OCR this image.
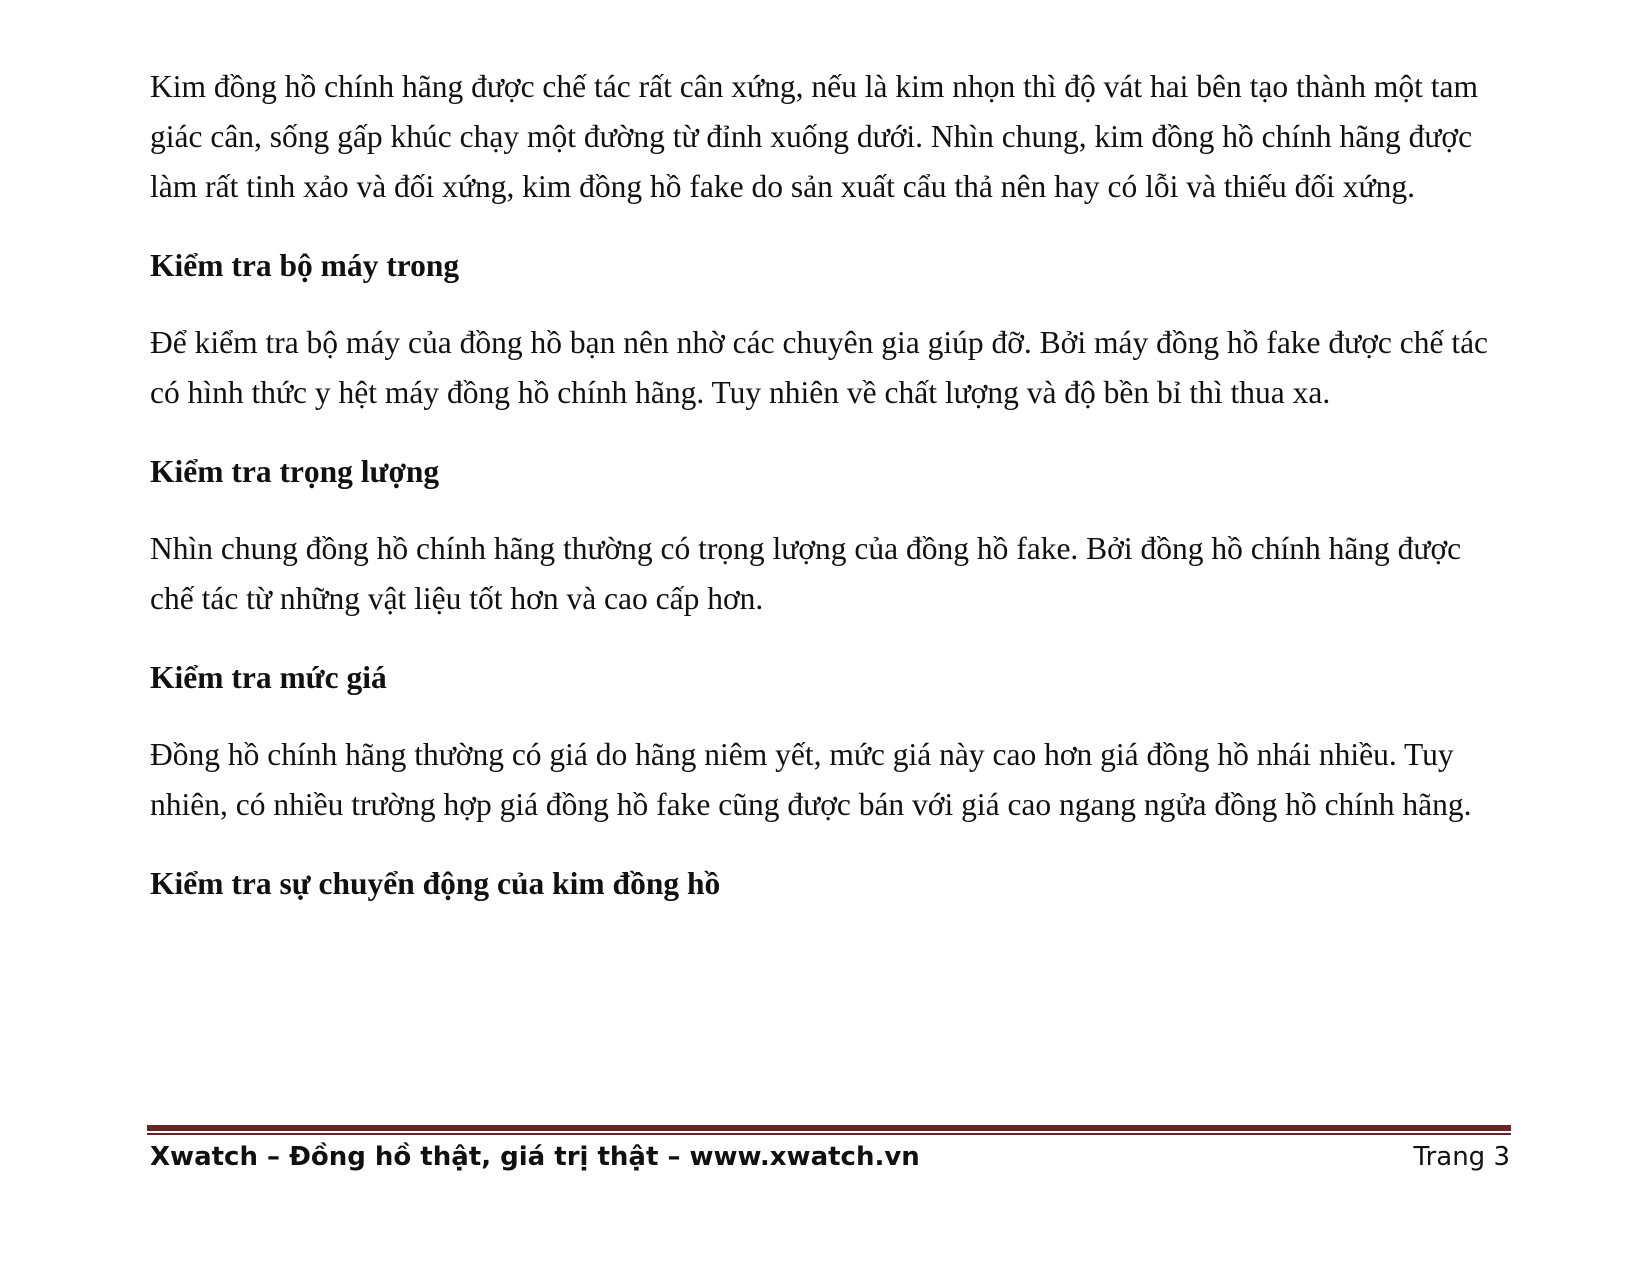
Kim đồng hồ chính hãng được chế tác rất cân xứng, nếu là kim nhọn thì độ vát hai bên tạo thành một tam giác cân, sống gấp khúc chạy một đường từ đỉnh xuống dưới. Nhìn chung, kim đồng hồ chính hãng được làm rất tinh xảo và đối xứng, kim đồng hồ fake do sản xuất cẩu thả nên hay có lỗi và thiếu đối xứng.

Kiểm tra bộ máy trong

Để kiểm tra bộ máy của đồng hồ bạn nên nhờ các chuyên gia giúp đỡ. Bởi máy đồng hồ fake được chế tác có hình thức y hệt máy đồng hồ chính hãng. Tuy nhiên về chất lượng và độ bền bỉ thì thua xa.

Kiểm tra trọng lượng

Nhìn chung đồng hồ chính hãng thường có trọng lượng của đồng hồ fake. Bởi đồng hồ chính hãng được chế tác từ những vật liệu tốt hơn và cao cấp hơn.

Kiểm tra mức giá

Đồng hồ chính hãng thường có giá do hãng niêm yết, mức giá này cao hơn giá đồng hồ nhái nhiều. Tuy nhiên, có nhiều trường hợp giá đồng hồ fake cũng được bán với giá cao ngang ngửa đồng hồ chính hãng.

Kiểm tra sự chuyển động của kim đồng hồ

Xwatch – Đồng hồ thật, giá trị thật – www.xwatch.vn	Trang 3
